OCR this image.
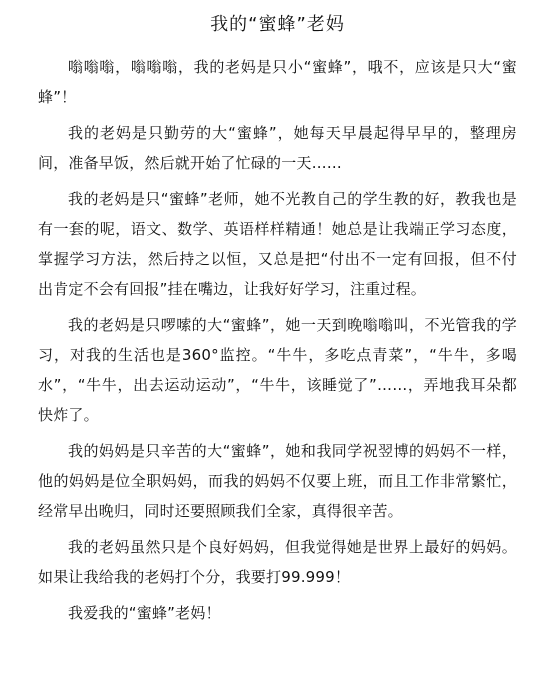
我的“蜜蜂”老妈

嗡嗡嗡，嗡嗡嗡，我的老妈是只小“蜜蜂”，哦不，应该是只大“蜜蜂”！

我的老妈是只勤劳的大“蜜蜂”，她每天早晨起得早早的，整理房间，准备早饭，然后就开始了忙碌的一天……

我的老妈是只“蜜蜂”老师，她不光教自己的学生教的好，教我也是有一套的呢，语文、数学、英语样样精通！她总是让我端正学习态度，掌握学习方法，然后持之以恒，又总是把“付出不一定有回报，但不付出肯定不会有回报”挂在嘴边，让我好好学习，注重过程。

我的老妈是只啰嗦的大“蜜蜂”，她一天到晚嗡嗡叫，不光管我的学习，对我的生活也是360°监控。“牛牛，多吃点青菜”，“牛牛，多喝水”，“牛牛，出去运动运动”，“牛牛，该睡觉了”……，弄地我耳朵都快炸了。

我的妈妈是只辛苦的大“蜜蜂”，她和我同学祝翌博的妈妈不一样，他的妈妈是位全职妈妈，而我的妈妈不仅要上班，而且工作非常繁忙，经常早出晚归，同时还要照顾我们全家，真得很辛苦。

我的老妈虽然只是个良好妈妈，但我觉得她是世界上最好的妈妈。如果让我给我的老妈打个分，我要打99.999！

我爱我的“蜜蜂”老妈！
